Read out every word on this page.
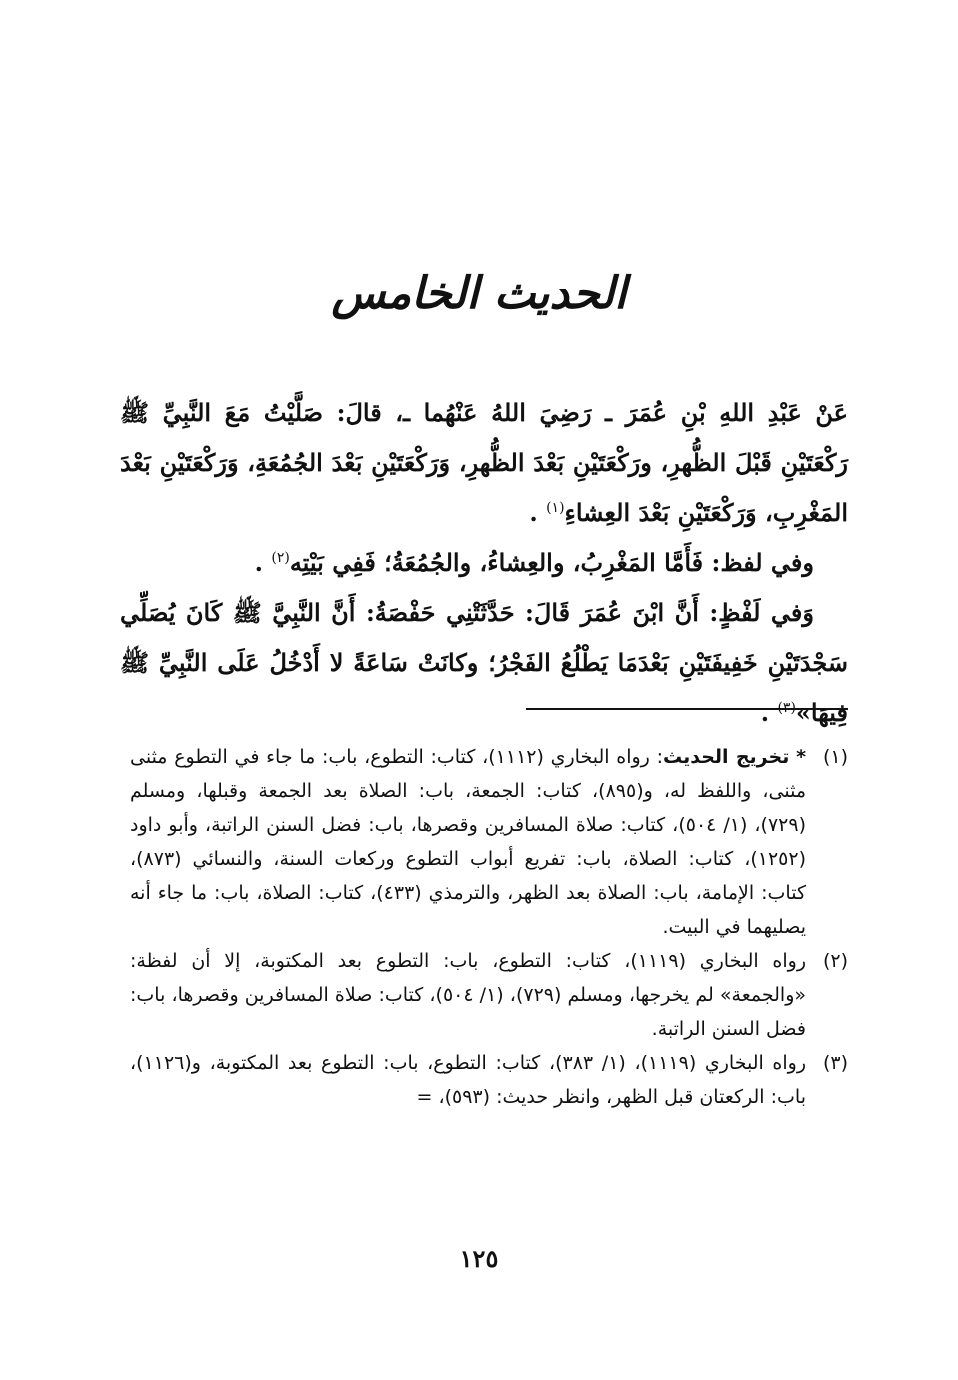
الحديث الخامس

عَنْ عَبْدِ اللهِ بْنِ عُمَرَ ـ رَضِيَ اللهُ عَنْهُما ـ، قالَ: صَلَّيْتُ مَعَ النَّبِيِّ ﷺ رَكْعَتَيْنِ قَبْلَ الظُّهرِ، ورَكْعَتَيْنِ بَعْدَ الظُّهرِ، وَرَكْعَتَيْنِ بَعْدَ الجُمُعَةِ، وَرَكْعَتَيْنِ بَعْدَ المَغْرِبِ، وَرَكْعَتَيْنِ بَعْدَ العِشاءِ$^{(١)}$ .

وفي لفظ: فَأَمَّا المَغْرِبُ، والعِشاءُ، والجُمُعَةُ؛ فَفِي بَيْتِه$^{(٢)}$ .

وَفي لَفْظٍ: أَنَّ ابْنَ عُمَرَ قَالَ: حَدَّثَتْنِي حَفْصَةُ: أَنَّ النَّبِيَّ ﷺ كَانَ يُصَلِّي سَجْدَتَيْنِ خَفِيفَتَيْنِ بَعْدَمَا يَطْلُعُ الفَجْرُ؛ وكانَتْ سَاعَةً لا أَدْخُلُ عَلَى النَّبِيِّ ﷺ فِيهَا»$^{(٣)}$ .

(١)
* تخريج الحديث: رواه البخاري (١١١٢)، كتاب: التطوع، باب: ما جاء في التطوع مثنى مثنى، واللفظ له، و(٨٩٥)، كتاب: الجمعة، باب: الصلاة بعد الجمعة وقبلها، ومسلم (٧٢٩)، (١/ ٥٠٤)، كتاب: صلاة المسافرين وقصرها، باب: فضل السنن الراتبة، وأبو داود (١٢٥٢)، كتاب: الصلاة، باب: تفريع أبواب التطوع وركعات السنة، والنسائي (٨٧٣)، كتاب: الإمامة، باب: الصلاة بعد الظهر، والترمذي (٤٣٣)، كتاب: الصلاة، باب: ما جاء أنه يصليهما في البيت.
(٢)
رواه البخاري (١١١٩)، كتاب: التطوع، باب: التطوع بعد المكتوبة، إلا أن لفظة: «والجمعة» لم يخرجها، ومسلم (٧٢٩)، (١/ ٥٠٤)، كتاب: صلاة المسافرين وقصرها، باب: فضل السنن الراتبة.
(٣)
رواه البخاري (١١١٩)، (١/ ٣٨٣)، كتاب: التطوع، باب: التطوع بعد المكتوبة، و(١١٢٦)، باب: الركعتان قبل الظهر، وانظر حديث: (٥٩٣)، =
١٢٥
